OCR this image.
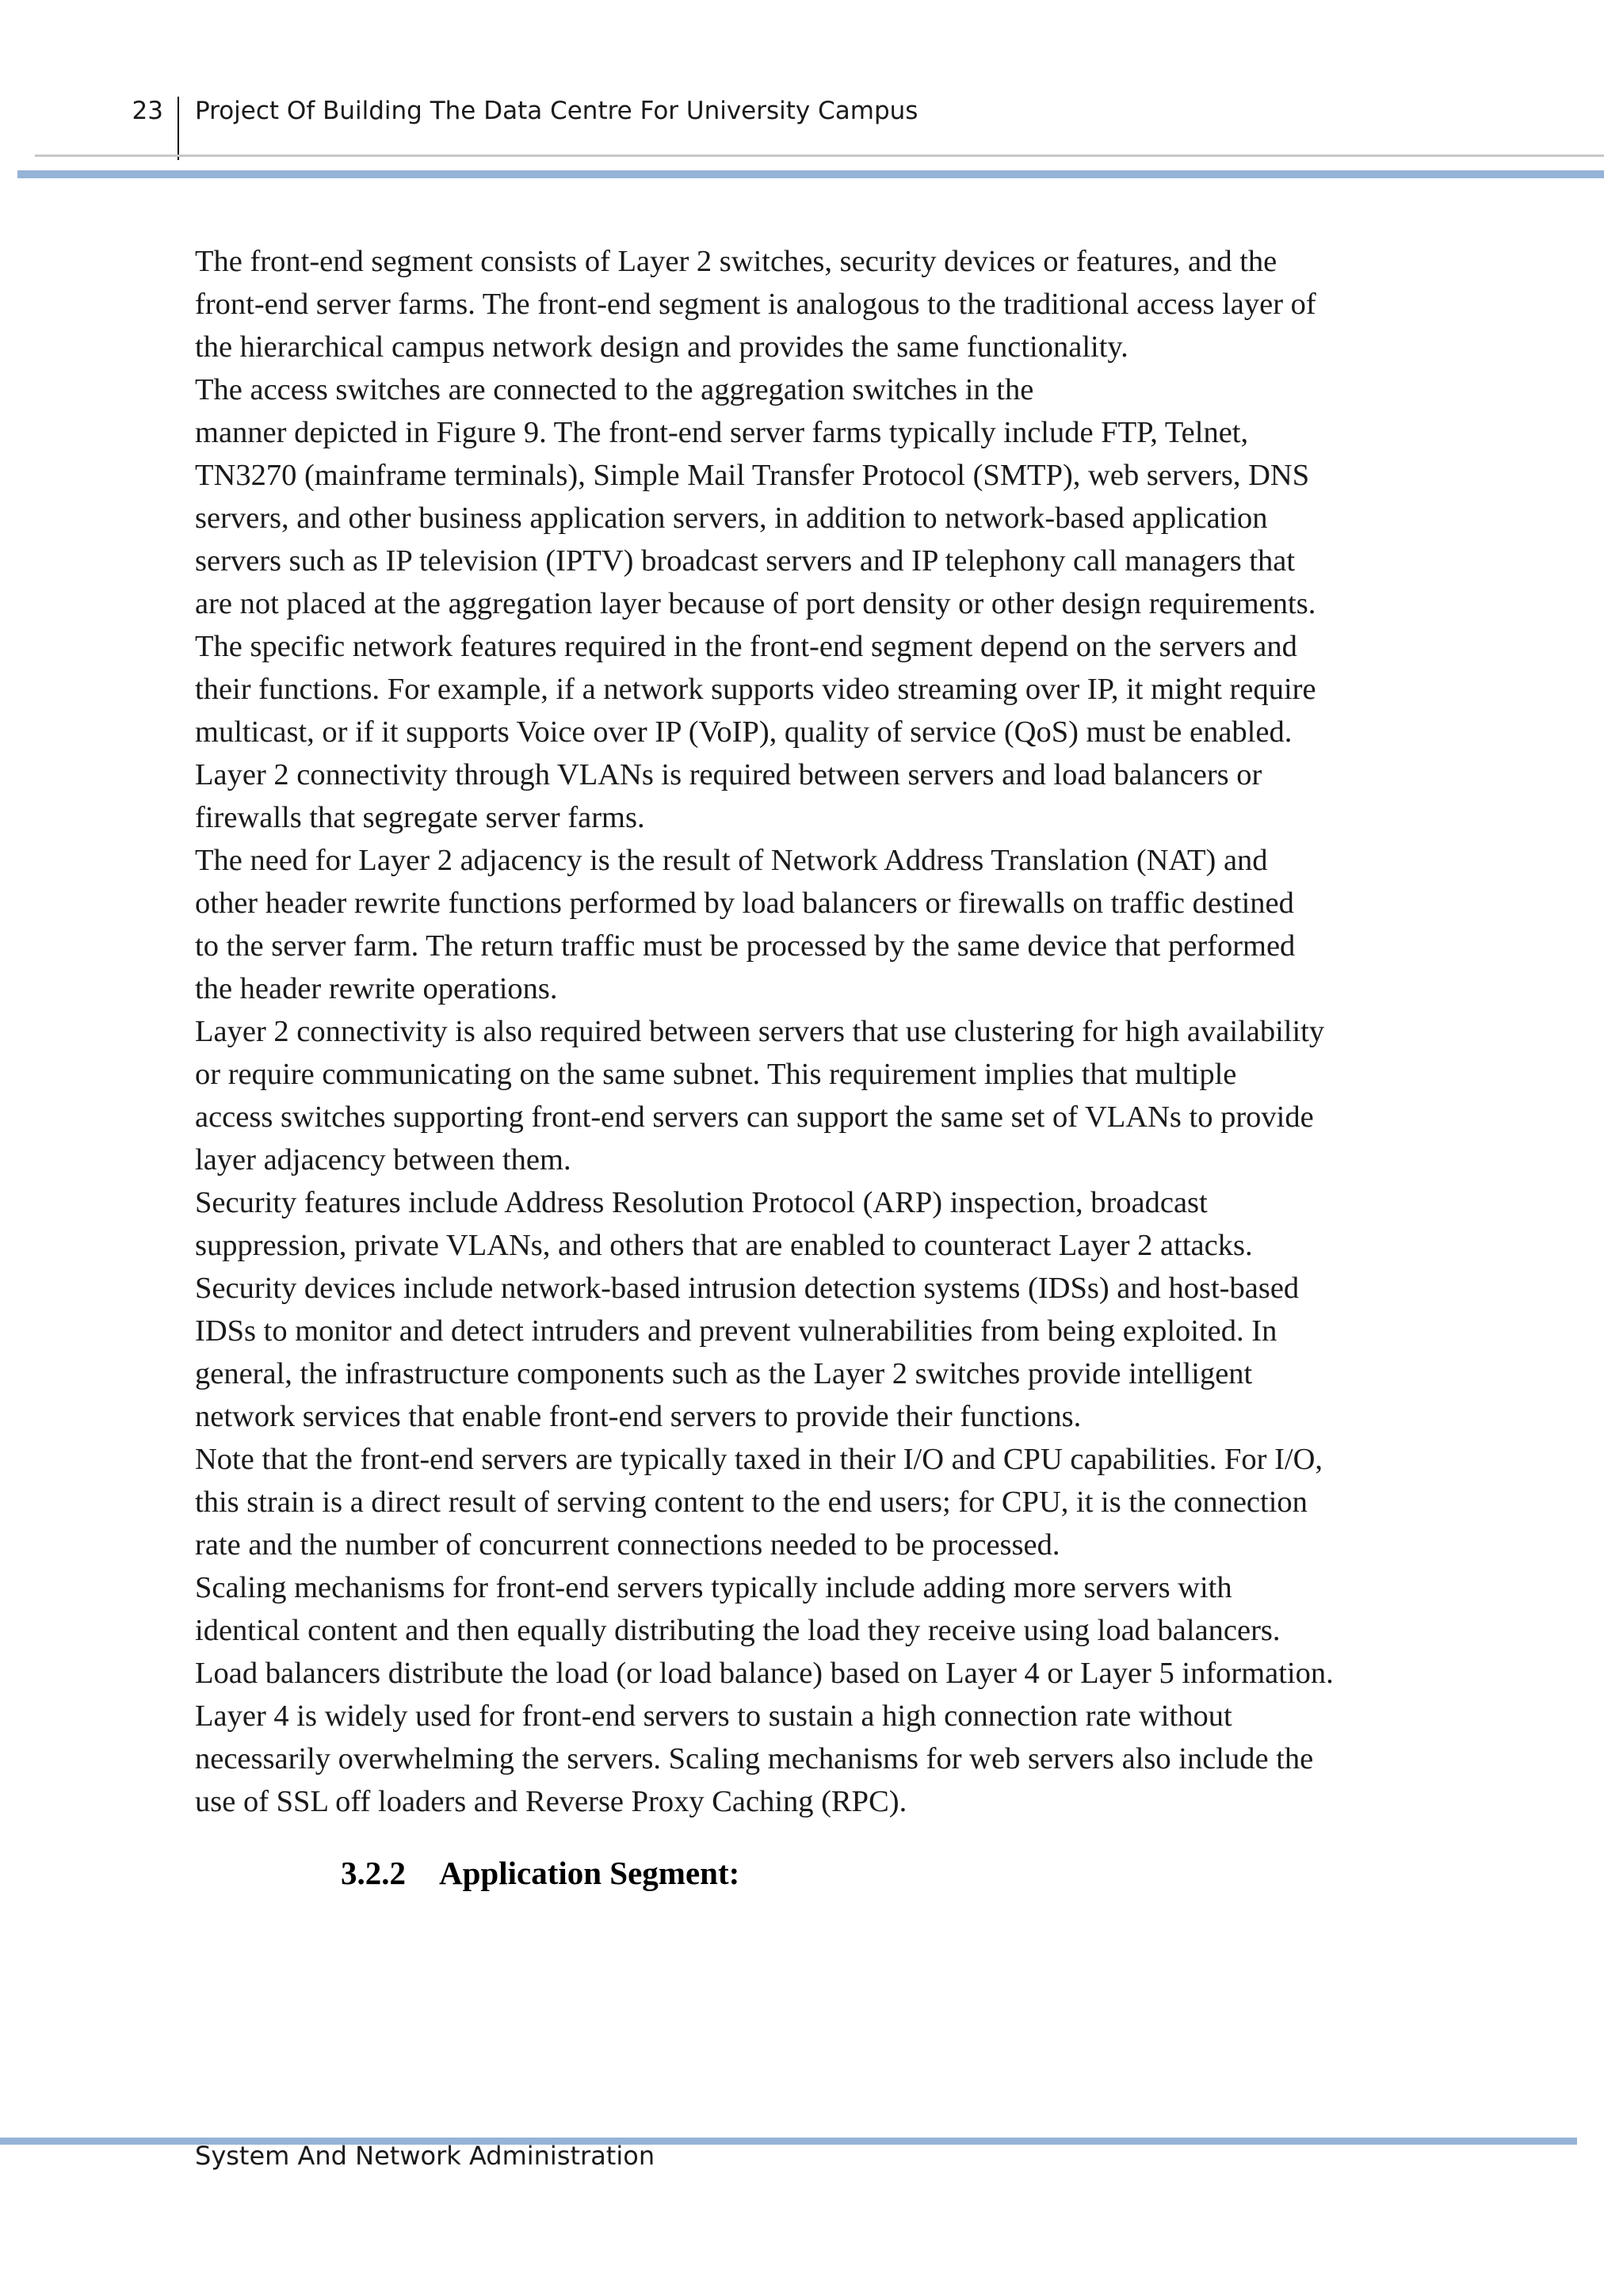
23 Project Of Building The Data Centre For University Campus
The front-end segment consists of Layer 2 switches, security devices or features, and the
front-end server farms. The front-end segment is analogous to the traditional access layer of
the hierarchical campus network design and provides the same functionality.
The access switches are connected to the aggregation switches in the
manner depicted in Figure 9. The front-end server farms typically include FTP, Telnet,
TN3270 (mainframe terminals), Simple Mail Transfer Protocol (SMTP), web servers, DNS
servers, and other business application servers, in addition to network-based application
servers such as IP television (IPTV) broadcast servers and IP telephony call managers that
are not placed at the aggregation layer because of port density or other design requirements.
The specific network features required in the front-end segment depend on the servers and
their functions. For example, if a network supports video streaming over IP, it might require
multicast, or if it supports Voice over IP (VoIP), quality of service (QoS) must be enabled.
Layer 2 connectivity through VLANs is required between servers and load balancers or
firewalls that segregate server farms.
The need for Layer 2 adjacency is the result of Network Address Translation (NAT) and
other header rewrite functions performed by load balancers or firewalls on traffic destined
to the server farm. The return traffic must be processed by the same device that performed
the header rewrite operations.
Layer 2 connectivity is also required between servers that use clustering for high availability
or require communicating on the same subnet. This requirement implies that multiple
access switches supporting front-end servers can support the same set of VLANs to provide
layer adjacency between them.
Security features include Address Resolution Protocol (ARP) inspection, broadcast
suppression, private VLANs, and others that are enabled to counteract Layer 2 attacks.
Security devices include network-based intrusion detection systems (IDSs) and host-based
IDSs to monitor and detect intruders and prevent vulnerabilities from being exploited. In
general, the infrastructure components such as the Layer 2 switches provide intelligent
network services that enable front-end servers to provide their functions.
Note that the front-end servers are typically taxed in their I/O and CPU capabilities. For I/O,
this strain is a direct result of serving content to the end users; for CPU, it is the connection
rate and the number of concurrent connections needed to be processed.
Scaling mechanisms for front-end servers typically include adding more servers with
identical content and then equally distributing the load they receive using load balancers.
Load balancers distribute the load (or load balance) based on Layer 4 or Layer 5 information.
Layer 4 is widely used for front-end servers to sustain a high connection rate without
necessarily overwhelming the servers. Scaling mechanisms for web servers also include the
use of SSL off loaders and Reverse Proxy Caching (RPC).
3.2.2 Application Segment:
System And Network Administration
